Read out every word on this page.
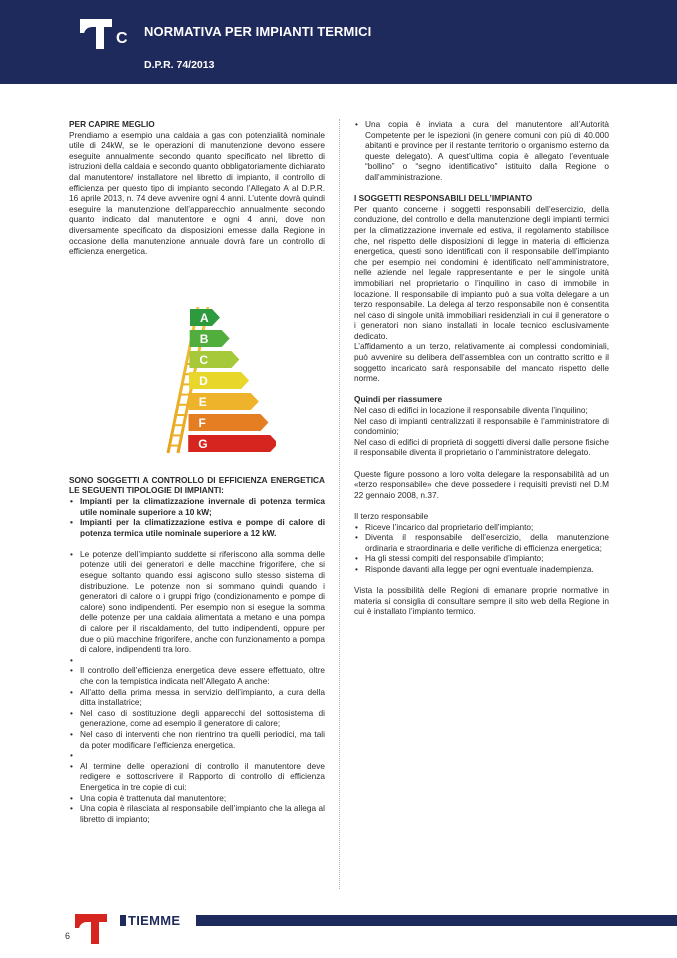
C NORMATIVA PER IMPIANTI TERMICI
D.P.R. 74/2013
PER CAPIRE MEGLIO

Prendiamo a esempio una caldaia a gas con potenzialità nominale utile di 24kW, se le operazioni di manutenzione devono essere eseguite annualmente secondo quanto specificato nel libretto di istruzioni della caldaia e secondo quanto obbligatoriamente dichiarato dal manutentore/ installatore nel libretto di impianto, il controllo di efficienza per questo tipo di impianto secondo l’Allegato A al D.P.R. 16 aprile 2013, n. 74 deve avvenire ogni 4 anni. L’utente dovrà quindi eseguire la manutenzione dell’apparecchio annualmente secondo quanto indicato dal manutentore e ogni 4 anni, dove non diversamente specificato da disposizioni emesse dalla Regione in occasione della manutenzione annuale dovrà fare un controllo di efficienza energetica.

SONO SOGGETTI A CONTROLLO DI EFFICIENZA ENERGETICA LE SEGUENTI TIPOLOGIE DI IMPIANTI:

• Impianti per la climatizzazione invernale di potenza termica utile nominale superiore a 10 kW;
• Impianti per la climatizzazione estiva e pompe di calore di potenza termica utile nominale superiore a 12 kW.
• Le potenze dell’impianto suddette si riferiscono alla somma delle potenze utili dei generatori e delle macchine frigorifere, che si esegue soltanto quando essi agiscono sullo stesso sistema di distribuzione. Le potenze non si sommano quindi quando i generatori di calore o i gruppi frigo (condizionamento e pompe di calore) sono indipendenti. Per esempio non si esegue la somma delle potenze per una caldaia alimentata a metano e una pompa di calore per il riscaldamento, del tutto indipendenti, oppure per due o più macchine frigorifere, anche con funzionamento a pompa di calore, indipendenti tra loro.
•
• Il controllo dell’efficienza energetica deve essere effettuato, oltre che con la tempistica indicata nell’Allegato A anche:
• All’atto della prima messa in servizio dell’impianto, a cura della ditta installatrice;
• Nel caso di sostituzione degli apparecchi del sottosistema di generazione, come ad esempio il generatore di calore;
• Nel caso di interventi che non rientrino tra quelli periodici, ma tali da poter modificare l’efficienza energetica.
•
• Al termine delle operazioni di controllo il manutentore deve redigere e sottoscrivere il Rapporto di controllo di efficienza Energetica in tre copie di cui:
• Una copia è trattenuta dal manutentore;
• Una copia è rilasciata al responsabile dell’impianto che la allega al libretto di impianto;
A
B
C
D
E
F
G
• Una copia è inviata a cura del manutentore all’Autorità Competente per le ispezioni (in genere comuni con più di 40.000 abitanti e province per il restante territorio o organismo esterno da queste delegato). A quest’ultima copia è allegato l’eventuale “bollino” o “segno identificativo” istituito dalla Regione o dall’amministrazione.
I SOGGETTI RESPONSABILI DELL’IMPIANTO

Per quanto concerne i soggetti responsabili dell’esercizio, della conduzione, del controllo e della manutenzione degli impianti termici per la climatizzazione invernale ed estiva, il regolamento stabilisce che, nel rispetto delle disposizioni di legge in materia di efficienza energetica, questi sono identificati con il responsabile dell’impianto che per esempio nei condomini è identificato nell’amministratore, nelle aziende nel legale rappresentante e per le singole unità immobiliari nel proprietario o l’inquilino in caso di immobile in locazione. Il responsabile di impianto può a sua volta delegare a un terzo responsabile. La delega al terzo responsabile non è consentita nel caso di singole unità immobiliari residenziali in cui il generatore o i generatori non siano installati in locale tecnico esclusivamente dedicato.

L’affidamento a un terzo, relativamente ai complessi condominiali, può avvenire su delibera dell’assemblea con un contratto scritto e il soggetto incaricato sarà responsabile del mancato rispetto delle norme.

Quindi per riassumere

Nel caso di edifici in locazione il responsabile diventa l’inquilino;

Nel caso di impianti centralizzati il responsabile è l’amministratore di condominio;

Nel caso di edifici di proprietà di soggetti diversi dalle persone fisiche il responsabile diventa il proprietario o l’amministratore delegato.

Queste figure possono a loro volta delegare la responsabilità ad un «terzo responsabile» che deve possedere i requisiti previsti nel D.M 22 gennaio 2008, n.37.

Il terzo responsabile
• Riceve l’incarico dal proprietario dell’impianto;
• Diventa il responsabile dell’esercizio, della manutenzione ordinaria e straordinaria e delle verifiche di efficienza energetica;
• Ha gli stessi compiti del responsabile d’impianto;
• Risponde davanti alla legge per ogni eventuale inadempienza.

Vista la possibilità delle Regioni di emanare proprie normative in materia si consiglia di consultare sempre il sito web della Regione in cui è installato l’impianto termico.

TIEMME
6
